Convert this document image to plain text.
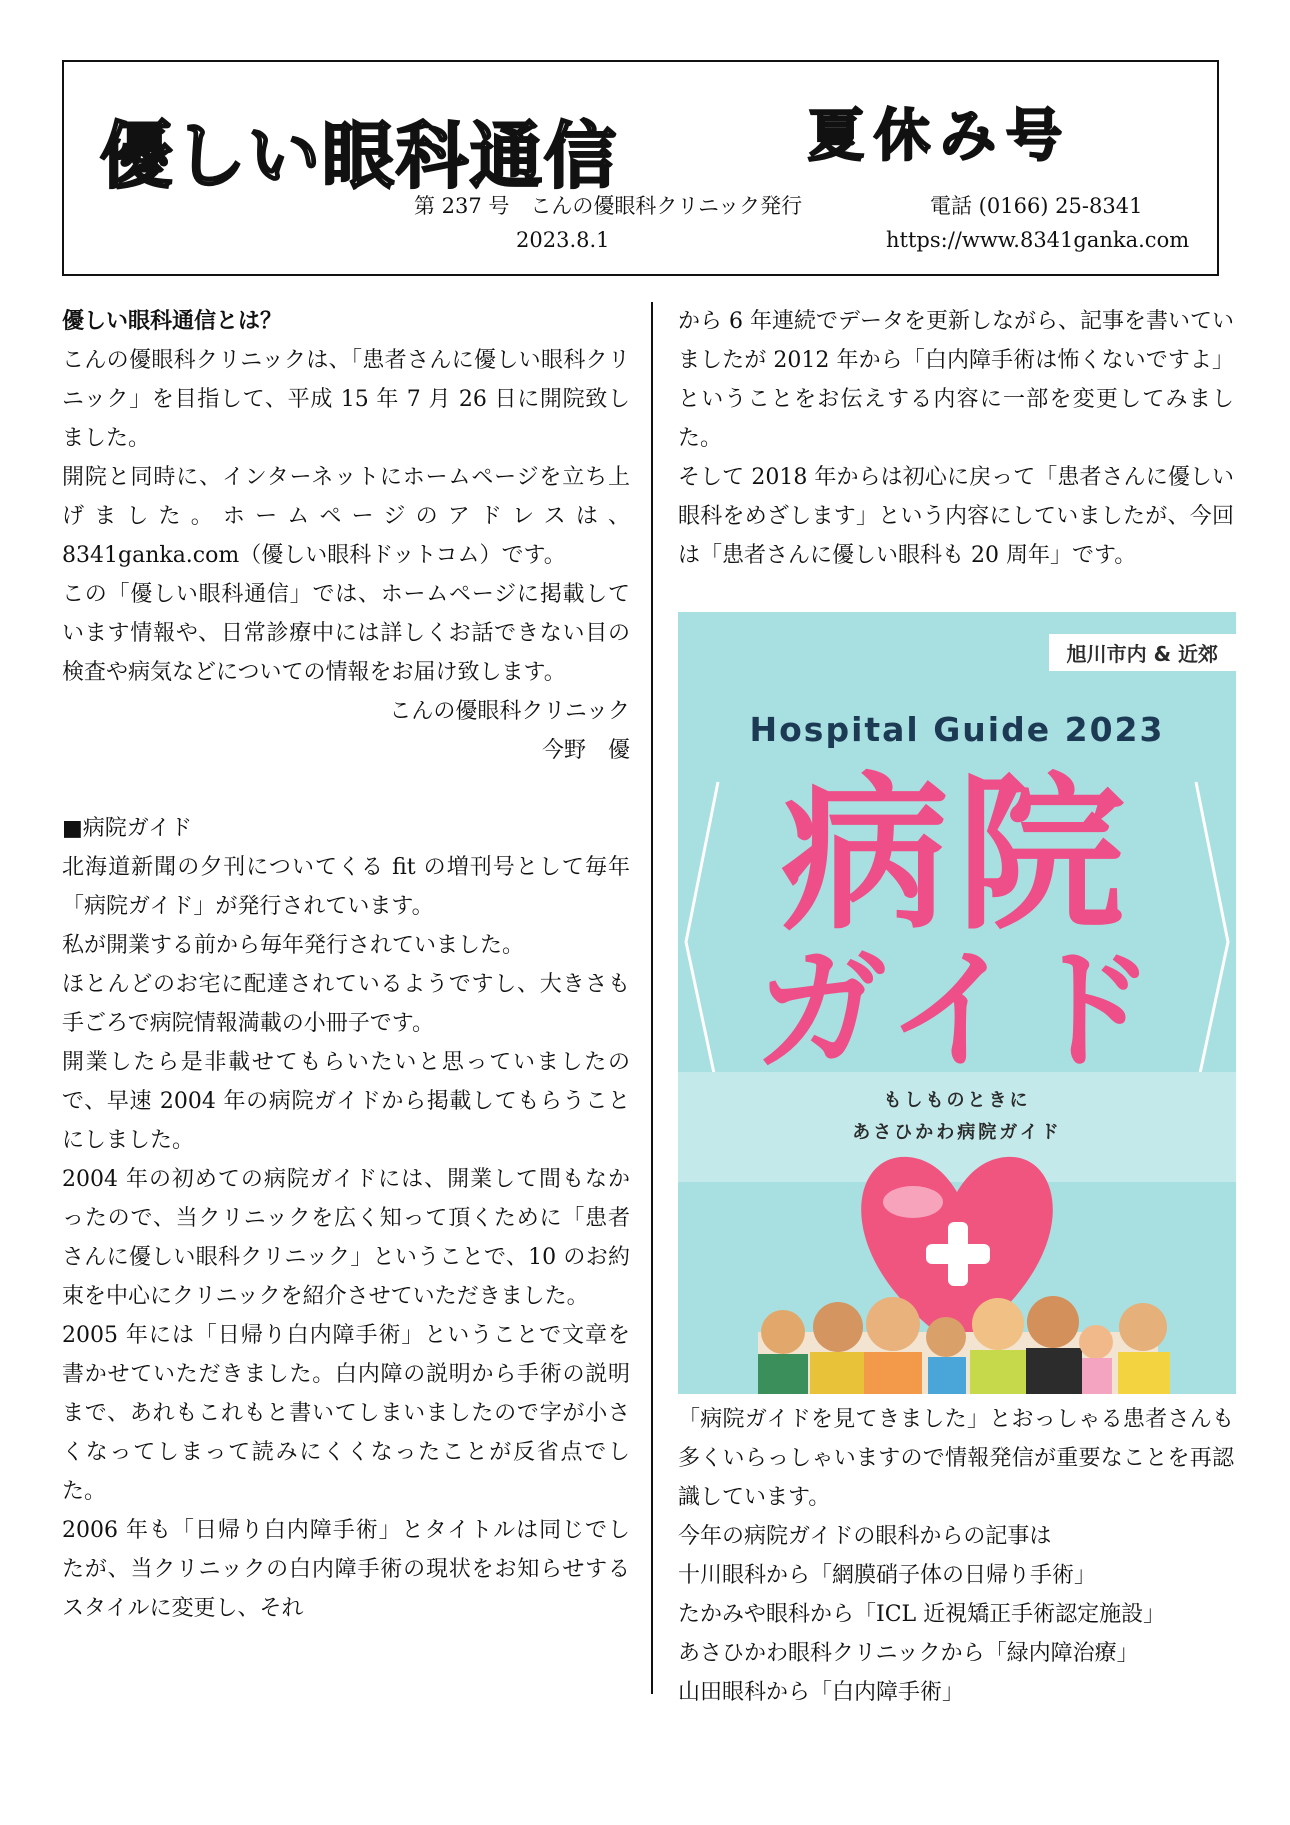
優しい眼科通信	夏休み号
第 237 号　こんの優眼科クリニック発行	電話 (0166) 25-8341
2023.8.1	https://www.8341ganka.com

優しい眼科通信とは？

こんの優眼科クリニックは、「患者さんに優しい眼科クリニック」を目指して、平成 15 年 7 月 26 日に開院致しました。

開院と同時に、インターネットにホームページを立ち上げました。ホームページのアドレスは、8341ganka.com（優しい眼科ドットコム）です。

この「優しい眼科通信」では、ホームページに掲載しています情報や、日常診療中には詳しくお話できない目の検査や病気などについての情報をお届け致します。

こんの優眼科クリニック

今野　優

■病院ガイド

北海道新聞の夕刊についてくる fit の増刊号として毎年「病院ガイド」が発行されています。

私が開業する前から毎年発行されていました。

ほとんどのお宅に配達されているようですし、大きさも手ごろで病院情報満載の小冊子です。

開業したら是非載せてもらいたいと思っていましたので、早速 2004 年の病院ガイドから掲載してもらうことにしました。

2004 年の初めての病院ガイドには、開業して間もなかったので、当クリニックを広く知って頂くために「患者さんに優しい眼科クリニック」ということで、10 のお約束を中心にクリニックを紹介させていただきました。

2005 年には「日帰り白内障手術」ということで文章を書かせていただきました。白内障の説明から手術の説明まで、あれもこれもと書いてしまいましたので字が小さくなってしまって読みにくくなったことが反省点でした。

2006 年も「日帰り白内障手術」とタイトルは同じでしたが、当クリニックの白内障手術の現状をお知らせするスタイルに変更し、それ

から 6 年連続でデータを更新しながら、記事を書いていましたが 2012 年から「白内障手術は怖くないですよ」ということをお伝えする内容に一部を変更してみました。

そして 2018 年からは初心に戻って「患者さんに優しい眼科をめざします」という内容にしていましたが、今回は「患者さんに優しい眼科も 20 周年」です。

旭川市内 & 近郊
Hospital Guide 2023
病院
ガイド
もしものときに
あさひかわ病院ガイド

「病院ガイドを見てきました」とおっしゃる患者さんも多くいらっしゃいますので情報発信が重要なことを再認識しています。

今年の病院ガイドの眼科からの記事は

十川眼科から「網膜硝子体の日帰り手術」

たかみや眼科から「ICL 近視矯正手術認定施設」

あさひかわ眼科クリニックから「緑内障治療」

山田眼科から「白内障手術」
